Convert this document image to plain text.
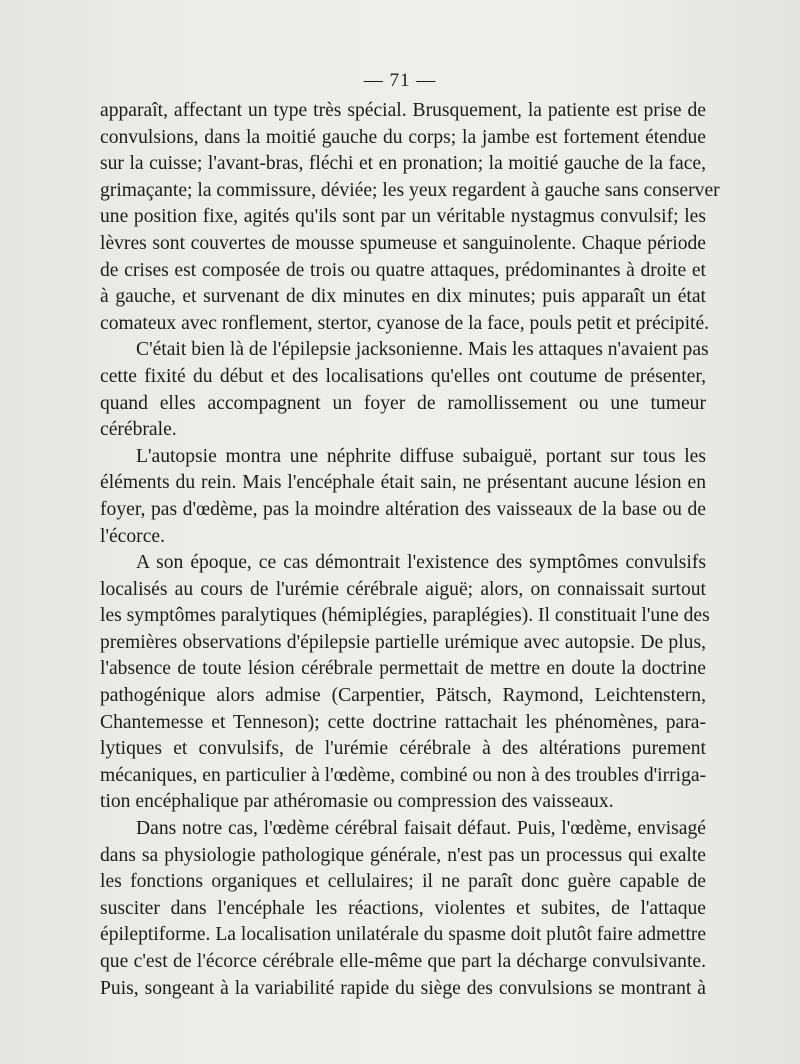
— 71 —
apparaît, affectant un type très spécial. Brusquement, la patiente est prise de
convulsions, dans la moitié gauche du corps; la jambe est fortement étendue
sur la cuisse; l'avant-bras, fléchi et en pronation; la moitié gauche de la face,
grimaçante; la commissure, déviée; les yeux regardent à gauche sans conserver
une position fixe, agités qu'ils sont par un véritable nystagmus convulsif; les
lèvres sont couvertes de mousse spumeuse et sanguinolente. Chaque période
de crises est composée de trois ou quatre attaques, prédominantes à droite et
à gauche, et survenant de dix minutes en dix minutes; puis apparaît un état
comateux avec ronflement, stertor, cyanose de la face, pouls petit et précipité.
C'était bien là de l'épilepsie jacksonienne. Mais les attaques n'avaient pas
cette fixité du début et des localisations qu'elles ont coutume de présenter,
quand elles accompagnent un foyer de ramollissement ou une tumeur
cérébrale.
L'autopsie montra une néphrite diffuse subaiguë, portant sur tous les
éléments du rein. Mais l'encéphale était sain, ne présentant aucune lésion en
foyer, pas d'œdème, pas la moindre altération des vaisseaux de la base ou de
l'écorce.
A son époque, ce cas démontrait l'existence des symptômes convulsifs
localisés au cours de l'urémie cérébrale aiguë; alors, on connaissait surtout
les symptômes paralytiques (hémiplégies, paraplégies). Il constituait l'une des
premières observations d'épilepsie partielle urémique avec autopsie. De plus,
l'absence de toute lésion cérébrale permettait de mettre en doute la doctrine
pathogénique alors admise (Carpentier, Pätsch, Raymond, Leichtenstern,
Chantemesse et Tenneson); cette doctrine rattachait les phénomènes, para-
lytiques et convulsifs, de l'urémie cérébrale à des altérations purement
mécaniques, en particulier à l'œdème, combiné ou non à des troubles d'irriga-
tion encéphalique par athéromasie ou compression des vaisseaux.
Dans notre cas, l'œdème cérébral faisait défaut. Puis, l'œdème, envisagé
dans sa physiologie pathologique générale, n'est pas un processus qui exalte
les fonctions organiques et cellulaires; il ne paraît donc guère capable de
susciter dans l'encéphale les réactions, violentes et subites, de l'attaque
épileptiforme. La localisation unilatérale du spasme doit plutôt faire admettre
que c'est de l'écorce cérébrale elle-même que part la décharge convulsivante.
Puis, songeant à la variabilité rapide du siège des convulsions se montrant à
